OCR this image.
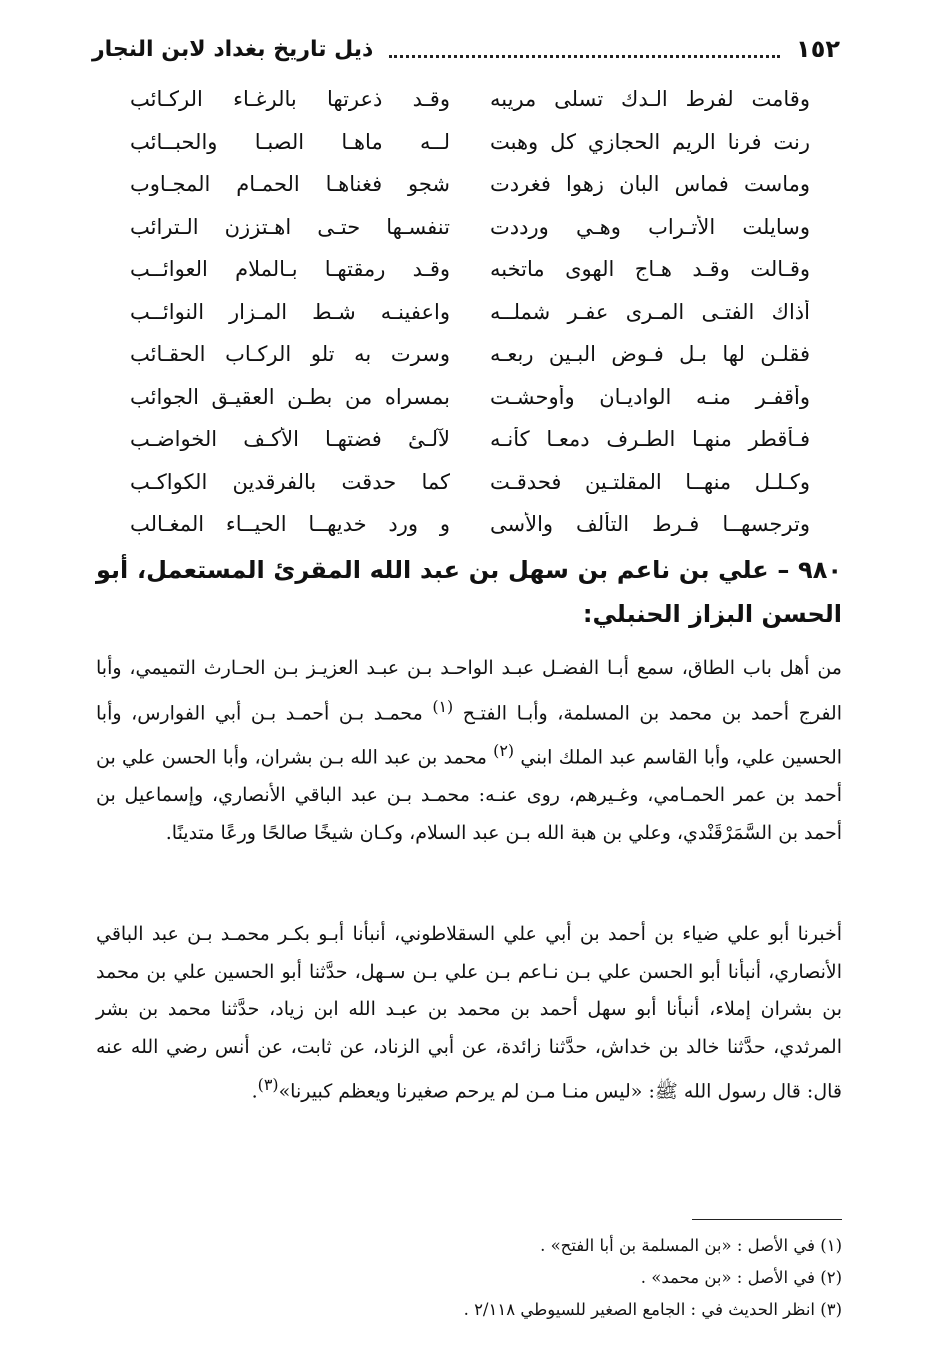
١٥٢
ذيل تاريخ بغداد لابن النجار
وقامت لفرط الـدك تسلى مريبه
وقـد ذعرتها بالرغـاء الركـائب
رنت فرنا الريم الحجازي كل وهبت
لــه ماهـا الصبـا والحبــائب
وماست فماس البان زهوا فغردت
شجو فغناهـا الحمـام المجـاوب
وسايلت الأتـراب وهـي ورددت
تنفسـها حتـى اهـتززن الـترائب
وقـالت وقـد هـاج الهوى ماتخبه
وقـد رمقتهـا بـالملام العوائــب
أذاك الفتـى المـرى عفـر شملــه
واعفينـه شـط المـزار النوائــب
فقلـن لها بـل فـوض البـين ربعـه
وسرت به تلو الركـاب الحقـائب
وأقفـر منـه الواديـان وأوحشـت
بمسراه من بطـن العقيـق الجوائب
فـأقطر منهـا الطـرف دمعـا كأنـه
لآلـئ فضتهـا الأكـف الخواضـب
وكـلـل منهــا المقلتـين فحدقـت
كما حدقت بالفرقدين الكواكـب
وترجسهــا فـرط التألف والأسى
و ورد خديهــا الحيــاء المغـالب
٩٨٠ – علي بن ناعم بن سهل بن عبد الله المقرئ المستعمل، أبو الحسن البزاز الحنبلي:
من أهل باب الطاق، سمع أبـا الفضـل عبـد الواحـد بـن عبـد العزيـز بـن الحـارث التميمي، وأبا الفرج أحمد بن محمد بن المسلمة، وأبـا الفتـح $^{(١)}$ محمـد بـن أحمـد بـن أبي الفوارس، وأبا الحسين علي، وأبا القاسم عبد الملك ابني $^{(٢)}$ محمد بن عبد الله بـن بشران، وأبا الحسن علي بن أحمد بن عمر الحمـامي، وغـيرهم، روى عنـه: محمـد بـن عبد الباقي الأنصاري، وإسماعيل بن أحمد بن السَّمَرْقَنْدي، وعلي بن هبة الله بـن عبد السلام، وكـان شيخًا صالحًا ورعًا متدينًا.
أخبرنا أبو علي ضياء بن أحمد بن أبي علي السقلاطوني، أنبأنا أبـو بكـر محمـد بـن عبد الباقي الأنصاري، أنبأنا أبو الحسن علي بـن نـاعم بـن علي بـن سـهل، حدَّثنا أبو الحسين علي بن محمد بن بشران إملاء، أنبأنا أبو سهل أحمد بن محمد بن عبـد الله ابن زياد، حدَّثنا محمد بن بشر المرثدي، حدَّثنا خالد بن خداش، حدَّثنا زائدة، عن أبي الزناد، عن ثابت، عن أنس رضي الله عنه قال: قال رسول الله ﷺ: «ليس منـا مـن لم يرحم صغيرنا ويعظم كبيرنا»$^{(٣)}$.
(١) في الأصل : «بن المسلمة بن أبا الفتح» .
(٢) في الأصل : «بن محمد» .
(٣) انظر الحديث في : الجامع الصغير للسيوطي ٢/١١٨ .
